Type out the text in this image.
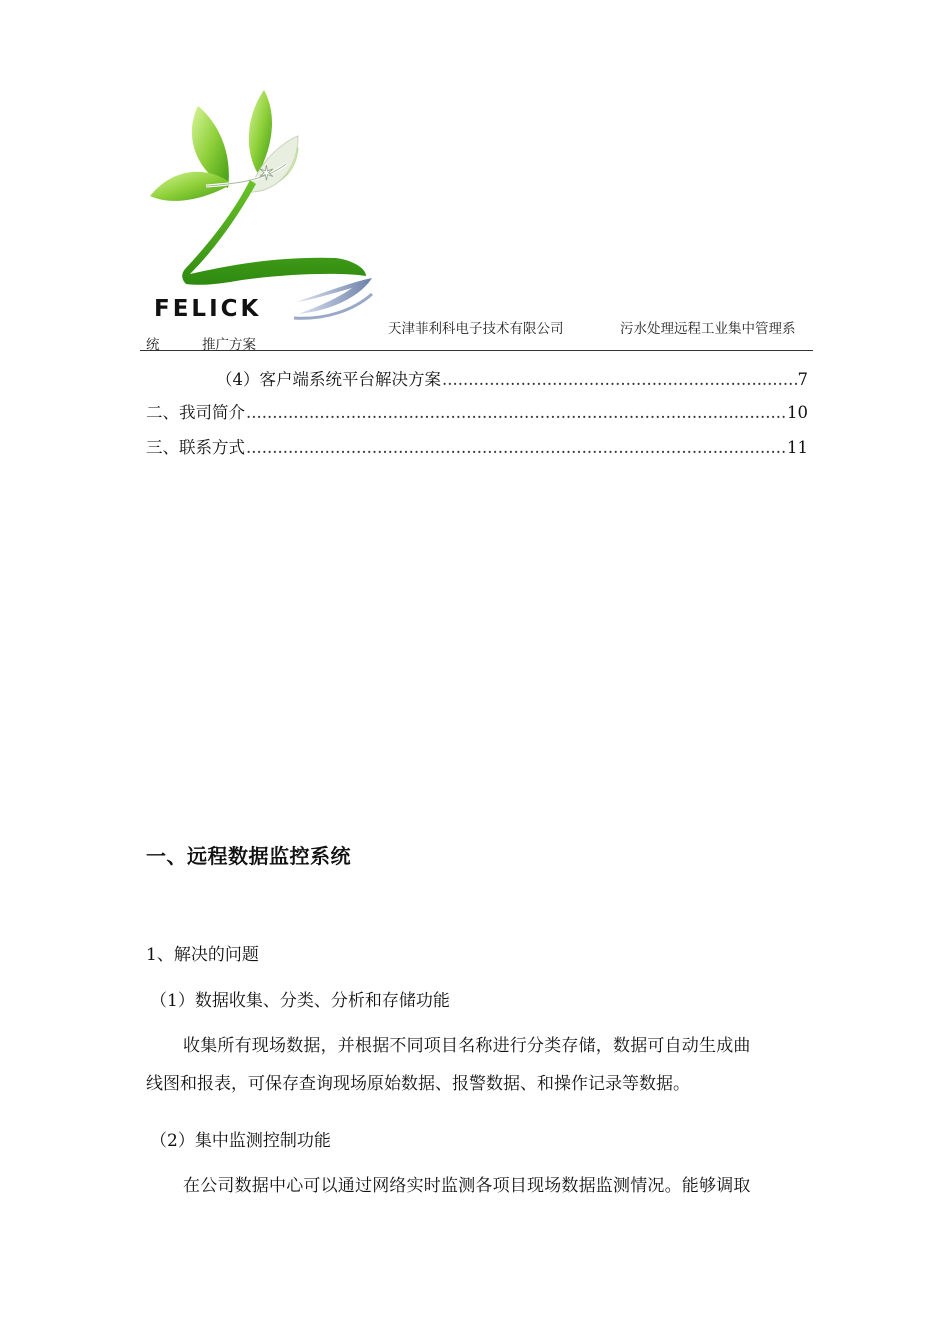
✶
FELICK
天津菲利科电子技术有限公司	污水处理远程工业集中管理系
统	推广方案
（4）客户端系统平台解决方案 .....	7
二、我司简介 .....	10
三、联系方式 .....	11
一、远程数据监控系统
1、解决的问题
（1）数据收集、分类、分析和存储功能
收集所有现场数据，并根据不同项目名称进行分类存储，数据可自动生成曲
线图和报表，可保存查询现场原始数据、报警数据、和操作记录等数据。
（2）集中监测控制功能
在公司数据中心可以通过网络实时监测各项目现场数据监测情况。能够调取
